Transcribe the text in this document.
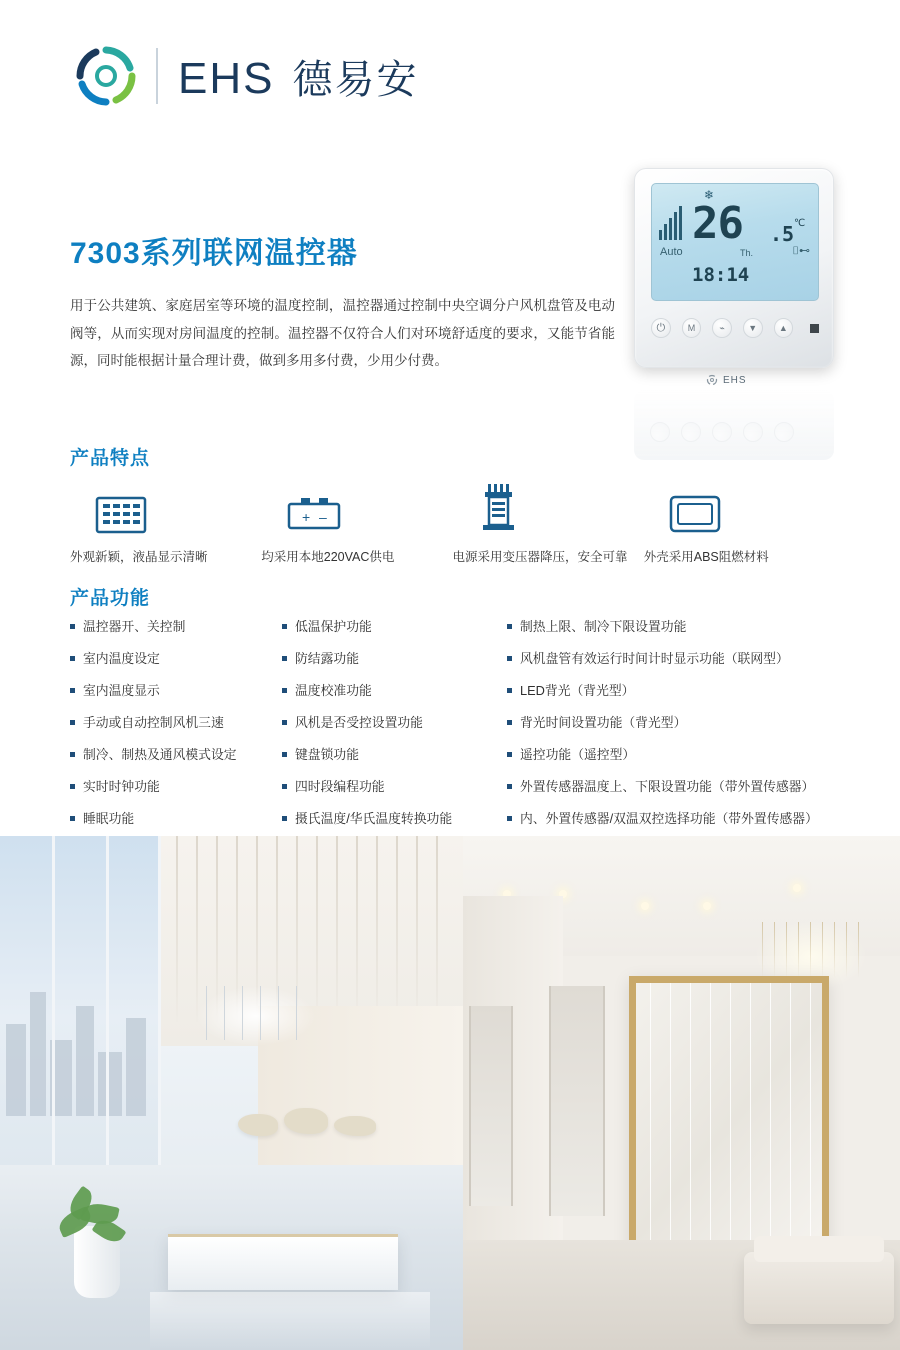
EHS 德易安
7303系列联网温控器

用于公共建筑、家庭居室等环境的温度控制，温控器通过控制中央空调分户风机盘管及电动阀等，从而实现对房间温度的控制。温控器不仅符合人们对环境舒适度的要求，又能节省能源，同时能根据计量合理计费，做到多用多付费，少用少付费。

❄
26 .5 ℃
Auto	Th.	⌷⊷
18:14
⏻	M	⌁	▼	▲
EHS
产品特点
外观新颖，液晶显示清晰
+ –
均采用本地220VAC供电	电源采用变压器降压，安全可靠	外壳采用ABS阻燃材料
产品功能
温控器开、关控制
室内温度设定
室内温度显示
手动或自动控制风机三速
制冷、制热及通风模式设定
实时时钟功能
睡眠功能
低温保护功能
防结露功能
温度校准功能
风机是否受控设置功能
键盘锁功能
四时段编程功能
摄氏温度/华氏温度转换功能
制热上限、制冷下限设置功能
风机盘管有效运行时间计时显示功能（联网型）
LED背光（背光型）
背光时间设置功能（背光型）
遥控功能（遥控型）
外置传感器温度上、下限设置功能（带外置传感器）
内、外置传感器/双温双控选择功能（带外置传感器）
